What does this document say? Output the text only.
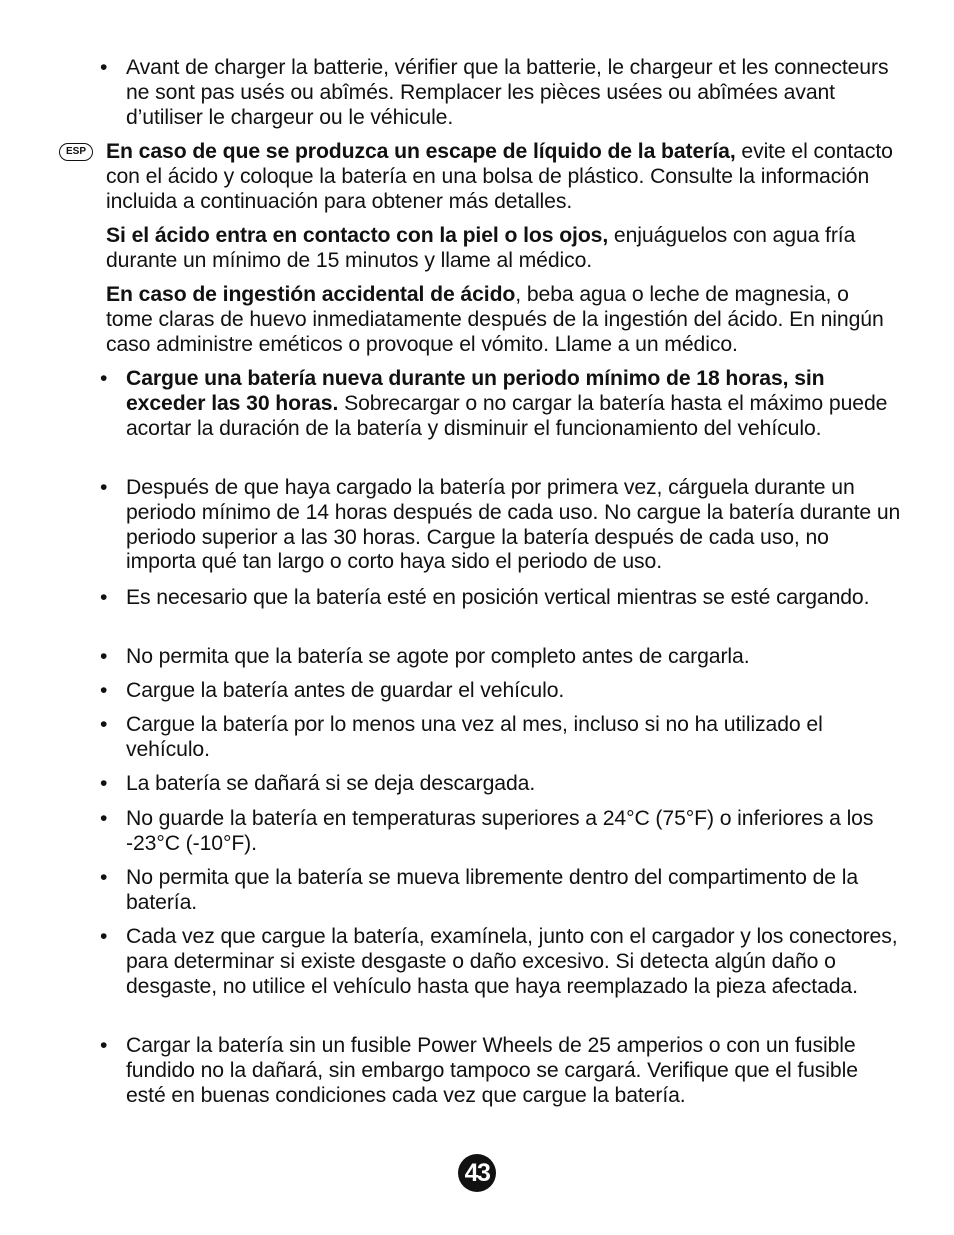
• Avant de charger la batterie, vérifier que la batterie, le chargeur et les connecteurs ne sont pas usés ou abîmés. Remplacer les pièces usées ou abîmées avant d’utiliser le chargeur ou le véhicule.
ESP En caso de que se produzca un escape de líquido de la batería, evite el contacto con el ácido y coloque la batería en una bolsa de plástico. Consulte la información incluida a continuación para obtener más detalles.
Si el ácido entra en contacto con la piel o los ojos, enjuáguelos con agua fría durante un mínimo de 15 minutos y llame al médico.
En caso de ingestión accidental de ácido, beba agua o leche de magnesia, o tome claras de huevo inmediatamente después de la ingestión del ácido. En ningún caso administre eméticos o provoque el vómito. Llame a un médico.
• Cargue una batería nueva durante un periodo mínimo de 18 horas, sin exceder las 30 horas. Sobrecargar o no cargar la batería hasta el máximo puede acortar la duración de la batería y disminuir el funcionamiento del vehículo.
• Después de que haya cargado la batería por primera vez, cárguela durante un periodo mínimo de 14 horas después de cada uso. No cargue la batería durante un periodo superior a las 30 horas. Cargue la batería después de cada uso, no importa qué tan largo o corto haya sido el periodo de uso.
• Es necesario que la batería esté en posición vertical mientras se esté cargando.
• No permita que la batería se agote por completo antes de cargarla.
• Cargue la batería antes de guardar el vehículo.
• Cargue la batería por lo menos una vez al mes, incluso si no ha utilizado el vehículo.
• La batería se dañará si se deja descargada.
• No guarde la batería en temperaturas superiores a 24°C (75°F) o inferiores a los -23°C (-10°F).
• No permita que la batería se mueva libremente dentro del compartimento de la batería.
• Cada vez que cargue la batería, examínela, junto con el cargador y los conectores, para determinar si existe desgaste o daño excesivo. Si detecta algún daño o desgaste, no utilice el vehículo hasta que haya reemplazado la pieza afectada.
• Cargar la batería sin un fusible Power Wheels de 25 amperios o con un fusible fundido no la dañará, sin embargo tampoco se cargará. Verifique que el fusible esté en buenas condiciones cada vez que cargue la batería.
43
